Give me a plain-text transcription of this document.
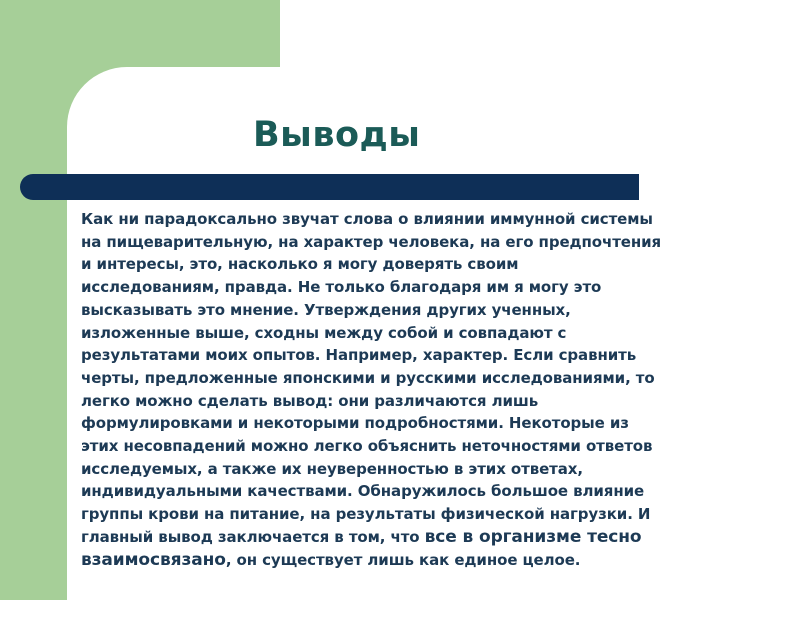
Выводы
Как ни парадоксально звучат слова о влиянии иммунной системы
на пищеварительную, на характер человека, на его предпочтения
и интересы, это, насколько я могу доверять своим
исследованиям, правда. Не только благодаря им я могу это
высказывать это мнение. Утверждения других ученных,
изложенные выше, сходны между собой и совпадают с
результатами моих опытов. Например, характер. Если сравнить
черты, предложенные японскими и русскими исследованиями, то
легко можно сделать вывод: они различаются лишь
формулировками и некоторыми подробностями. Некоторые из
этих несовпадений можно легко объяснить неточностями ответов
исследуемых, а также их неуверенностью в этих ответах,
индивидуальными качествами. Обнаружилось большое влияние
группы крови на питание, на результаты физической нагрузки. И
главный вывод заключается в том, что все в организме тесно
взаимосвязано, он существует лишь как единое целое.
